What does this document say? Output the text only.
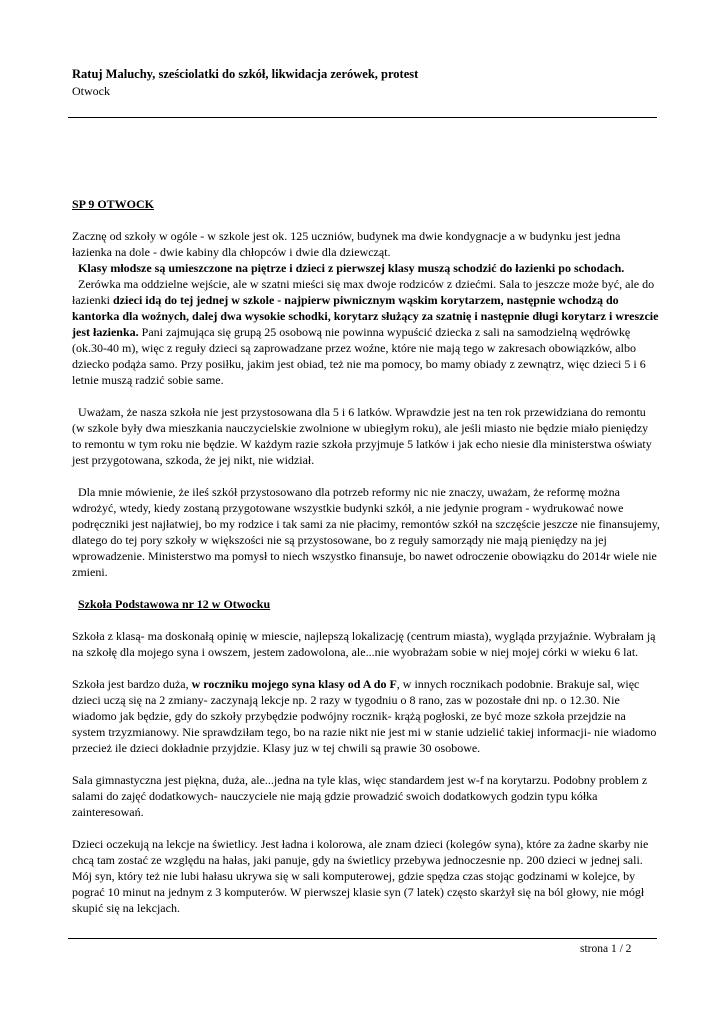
Ratuj Maluchy, sześciolatki do szkół, likwidacja zerówek, protest
Otwock

SP 9 OTWOCK

Zacznę od szkoły w ogóle - w szkole jest ok. 125 uczniów, budynek ma dwie kondygnacje a w budynku jest jedna łazienka na dole - dwie kabiny dla chłopców i dwie dla dziewcząt.
Klasy młodsze są umieszczone na piętrze i dzieci z pierwszej klasy muszą schodzić do łazienki po schodach.
Zerówka ma oddzielne wejście, ale w szatni mieści się max dwoje rodziców z dziećmi. Sala to jeszcze może być, ale do łazienki dzieci idą do tej jednej w szkole - najpierw piwnicznym wąskim korytarzem, następnie wchodzą do kantorka dla woźnych, dalej dwa wysokie schodki, korytarz służący za szatnię i następnie długi korytarz i wreszcie jest łazienka. Pani zajmująca się grupą 25 osobową nie powinna wypuścić dziecka z sali na samodzielną wędrówkę (ok.30-40 m), więc z reguły dzieci są zaprowadzane przez woźne, które nie mają tego w zakresach obowiązków, albo dziecko podąża samo. Przy posiłku, jakim jest obiad, też nie ma pomocy, bo mamy obiady z zewnątrz, więc dzieci 5 i 6 letnie muszą radzić sobie same.

Uważam, że nasza szkoła nie jest przystosowana dla 5 i 6 latków. Wprawdzie jest na ten rok przewidziana do remontu (w szkole były dwa mieszkania nauczycielskie zwolnione w ubiegłym roku), ale jeśli miasto nie będzie miało pieniędzy to remontu w tym roku nie będzie. W każdym razie szkoła przyjmuje 5 latków i jak echo niesie dla ministerstwa oświaty jest przygotowana, szkoda, że jej nikt, nie widział.

Dla mnie mówienie, że ileś szkół przystosowano dla potrzeb reformy nic nie znaczy, uważam, że reformę można wdrożyć, wtedy, kiedy zostaną przygotowane wszystkie budynki szkół, a nie jedynie program - wydrukować nowe podręczniki jest najłatwiej, bo my rodzice i tak sami za nie płacimy, remontów szkół na szczęście jeszcze nie finansujemy, dlatego do tej pory szkoły w większości nie są przystosowane, bo z reguły samorządy nie mają pieniędzy na jej wprowadzenie. Ministerstwo ma pomysł to niech wszystko finansuje, bo nawet odroczenie obowiązku do 2014r wiele nie zmieni.

Szkoła Podstawowa nr 12 w Otwocku

Szkoła z klasą- ma doskonałą opinię w miescie, najlepszą lokalizację (centrum miasta), wygląda przyjaźnie. Wybrałam ją na szkołę dla mojego syna i owszem, jestem zadowolona, ale...nie wyobrażam sobie w niej mojej córki w wieku 6 lat.

Szkoła jest bardzo duża, w roczniku mojego syna klasy od A do F, w innych rocznikach podobnie. Brakuje sal, więc dzieci uczą się na 2 zmiany- zaczynają lekcje np. 2 razy w tygodniu o 8 rano, zas w pozostałe dni np. o 12.30. Nie wiadomo jak będzie, gdy do szkoły przybędzie podwójny rocznik- krążą pogłoski, ze być moze szkoła przejdzie na system trzyzmianowy. Nie sprawdziłam tego, bo na razie nikt nie jest mi w stanie udzielić takiej informacji- nie wiadomo przecież ile dzieci dokładnie przyjdzie. Klasy juz w tej chwili są prawie 30 osobowe.

Sala gimnastyczna jest piękna, duża, ale...jedna na tyle klas, więc standardem jest w-f na korytarzu. Podobny problem z salami do zajęć dodatkowych- nauczyciele nie mają gdzie prowadzić swoich dodatkowych godzin typu kółka zainteresowań.

Dzieci oczekują na lekcje na świetlicy. Jest ładna i kolorowa, ale znam dzieci (kolegów syna), które za żadne skarby nie chcą tam zostać ze względu na hałas, jaki panuje, gdy na świetlicy przebywa jednoczesnie np. 200 dzieci w jednej sali. Mój syn, który też nie lubi hałasu ukrywa się w sali komputerowej, gdzie spędza czas stojąc godzinami w kolejce, by pograć 10 minut na jednym z 3 komputerów. W pierwszej klasie syn (7 latek) często skarżył się na ból głowy, nie mógł skupić się na lekcjach.

strona 1 / 2
